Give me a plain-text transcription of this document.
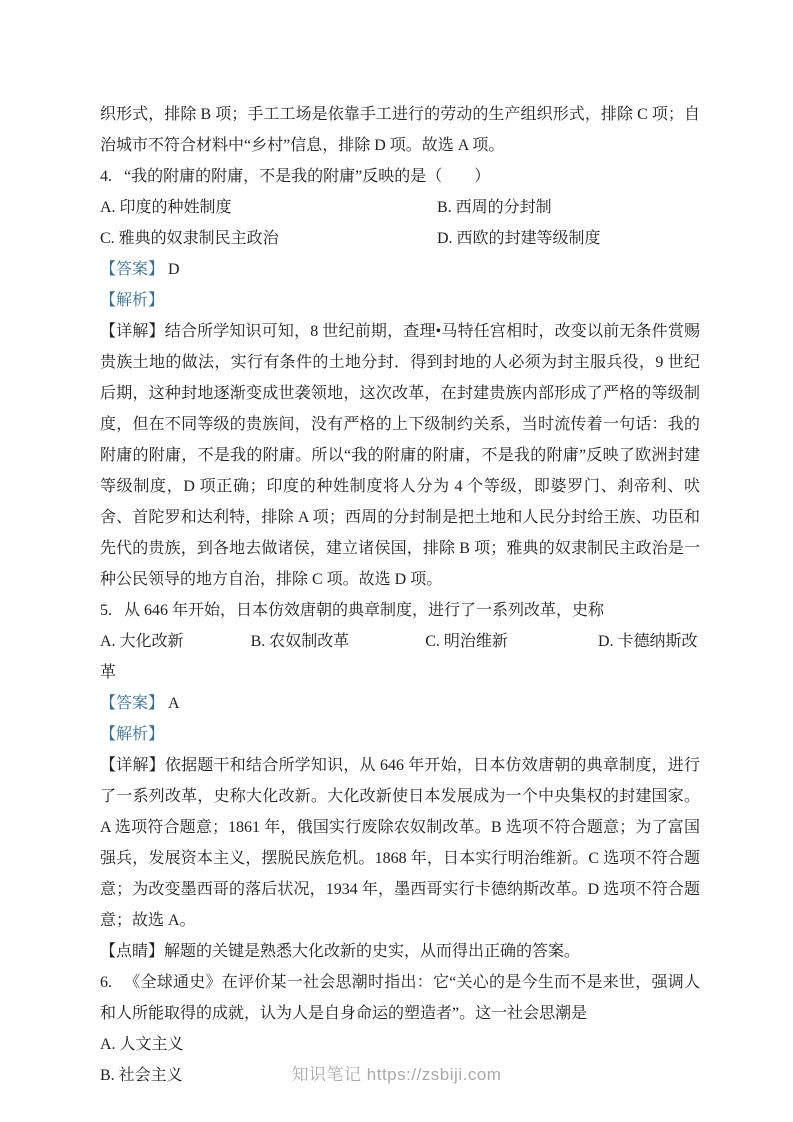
织形式，排除 B 项；手工工场是依靠手工进行的劳动的生产组织形式，排除 C 项；自治城市不符合材料中“乡村”信息，排除 D 项。故选 A 项。

4. “我的附庸的附庸，不是我的附庸”反映的是（　　）

A. 印度的种姓制度	B. 西周的分封制
C. 雅典的奴隶制民主政治	D. 西欧的封建等级制度

【答案】 D

【解析】

【详解】结合所学知识可知，8 世纪前期，查理•马特任宫相时，改变以前无条件赏赐贵族土地的做法，实行有条件的土地分封．得到封地的人必须为封主服兵役，9 世纪后期，这种封地逐渐变成世袭领地，这次改革，在封建贵族内部形成了严格的等级制度，但在不同等级的贵族间，没有严格的上下级制约关系，当时流传着一句话：我的附庸的附庸，不是我的附庸。所以“我的附庸的附庸，不是我的附庸”反映了欧洲封建等级制度，D 项正确；印度的种姓制度将人分为 4 个等级，即婆罗门、刹帝利、吠舍、首陀罗和达利特，排除 A 项；西周的分封制是把土地和人民分封给王族、功臣和先代的贵族，到各地去做诸侯，建立诸侯国，排除 B 项；雅典的奴隶制民主政治是一种公民领导的地方自治，排除 C 项。故选 D 项。

5. 从 646 年开始，日本仿效唐朝的典章制度，进行了一系列改革，史称

A. 大化改新	B. 农奴制改革	C. 明治维新	D. 卡德纳斯改革

【答案】 A

【解析】

【详解】依据题干和结合所学知识，从 646 年开始，日本仿效唐朝的典章制度，进行了一系列改革，史称大化改新。大化改新使日本发展成为一个中央集权的封建国家。A 选项符合题意；1861 年，俄国实行废除农奴制改革。B 选项不符合题意；为了富国强兵，发展资本主义，摆脱民族危机。1868 年，日本实行明治维新。C 选项不符合题意；为改变墨西哥的落后状况，1934 年，墨西哥实行卡德纳斯改革。D 选项不符合题意；故选 A。

【点睛】解题的关键是熟悉大化改新的史实，从而得出正确的答案。

6. 《全球通史》在评价某一社会思潮时指出：它“关心的是今生而不是来世，强调人和人所能取得的成就，认为人是自身命运的塑造者”。这一社会思潮是

A. 人文主义

B. 社会主义	知识笔记 https://zsbiji.com
